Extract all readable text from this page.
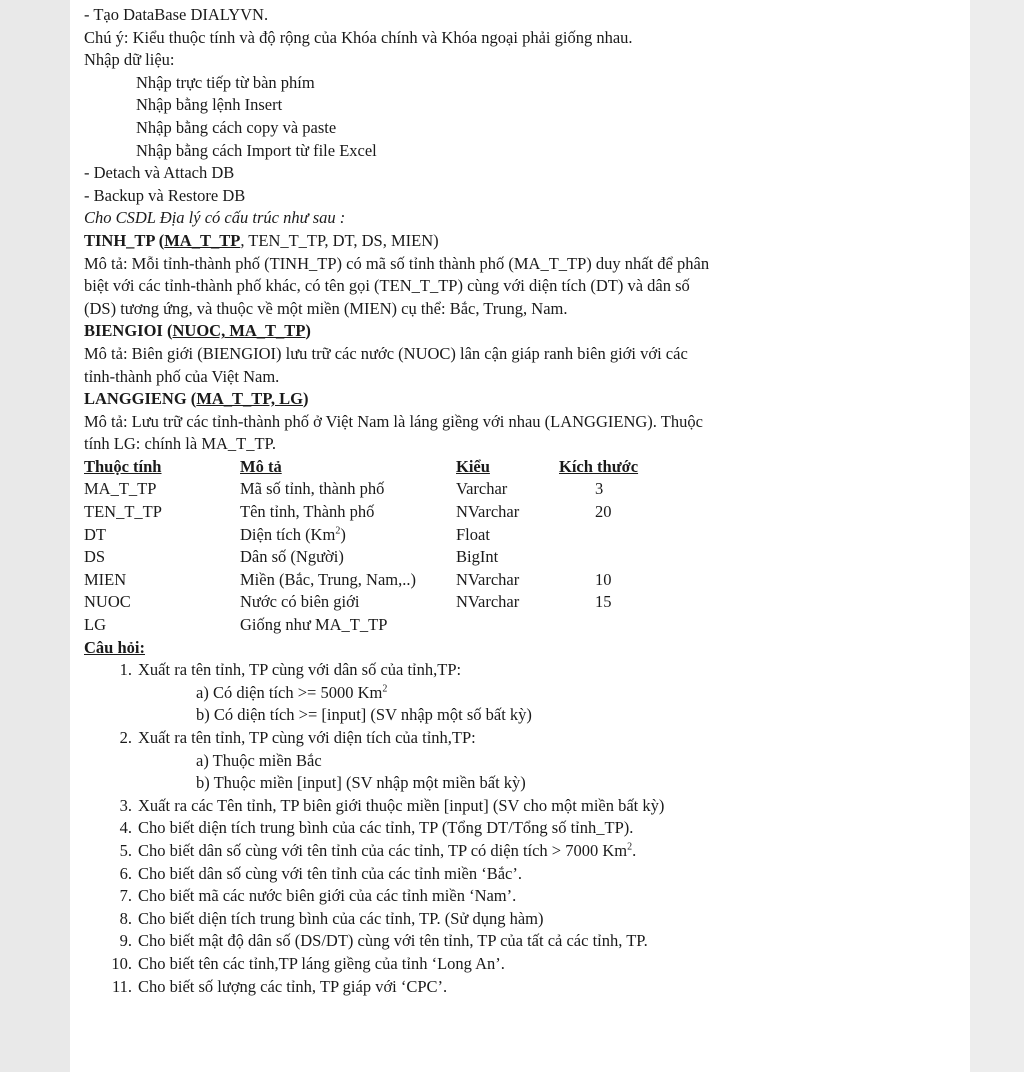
- Tạo DataBase DIALYVN.
Chú ý: Kiểu thuộc tính và độ rộng của Khóa chính và Khóa ngoại phải giống nhau.
Nhập dữ liệu:
Nhập trực tiếp từ bàn phím
Nhập bằng lệnh Insert
Nhập bằng cách copy và paste
Nhập bằng cách Import từ file Excel
- Detach và Attach DB
- Backup và Restore DB
Cho CSDL Địa lý có cấu trúc như sau :
TINH_TP (MA_T_TP, TEN_T_TP, DT, DS, MIEN)
Mô tả: Mỗi tỉnh-thành phố (TINH_TP) có mã số tỉnh thành phố (MA_T_TP) duy nhất để phân
biệt với các tỉnh-thành phố khác, có tên gọi (TEN_T_TP) cùng với diện tích (DT) và dân số
(DS) tương ứng, và thuộc về một miền (MIEN) cụ thể: Bắc, Trung, Nam.
BIENGIOI (NUOC, MA_T_TP)
Mô tả: Biên giới (BIENGIOI) lưu trữ các nước (NUOC) lân cận giáp ranh biên giới với các
tỉnh-thành phố của Việt Nam.
LANGGIENG (MA_T_TP, LG)
Mô tả: Lưu trữ các tỉnh-thành phố ở Việt Nam là láng giềng với nhau (LANGGIENG). Thuộc
tính LG: chính là MA_T_TP.
Thuộc tính	Mô tả	Kiểu	Kích thước
MA_T_TP	Mã số tỉnh, thành phố	Varchar	3
TEN_T_TP	Tên tỉnh, Thành phố	NVarchar	20
DT	Diện tích (Km$^2$)	Float	
DS	Dân số (Người)	BigInt	
MIEN	Miền (Bắc, Trung, Nam,..)	NVarchar	10
NUOC	Nước có biên giới	NVarchar	15
LG	Giống như MA_T_TP		
Câu hỏi:
1. Xuất ra tên tỉnh, TP cùng với dân số của tỉnh,TP:
a) Có diện tích >= 5000 Km$^2$
b) Có diện tích >= [input] (SV nhập một số bất kỳ)
2. Xuất ra tên tỉnh, TP cùng với diện tích của tỉnh,TP:
a) Thuộc miền Bắc
b) Thuộc miền [input] (SV nhập một miền bất kỳ)
3. Xuất ra các Tên tỉnh, TP biên giới thuộc miền [input] (SV cho một miền bất kỳ)
4. Cho biết diện tích trung bình của các tỉnh, TP (Tổng DT/Tổng số tỉnh_TP).
5. Cho biết dân số cùng với tên tỉnh của các tỉnh, TP có diện tích > 7000 Km$^2$.
6. Cho biết dân số cùng với tên tỉnh của các tỉnh miền ‘Bắc’.
7. Cho biết mã các nước biên giới của các tỉnh miền ‘Nam’.
8. Cho biết diện tích trung bình của các tỉnh, TP. (Sử dụng hàm)
9. Cho biết mật độ dân số (DS/DT) cùng với tên tỉnh, TP của tất cả các tỉnh, TP.
10. Cho biết tên các tỉnh,TP láng giềng của tỉnh ‘Long An’.
11. Cho biết số lượng các tỉnh, TP giáp với ‘CPC’.
